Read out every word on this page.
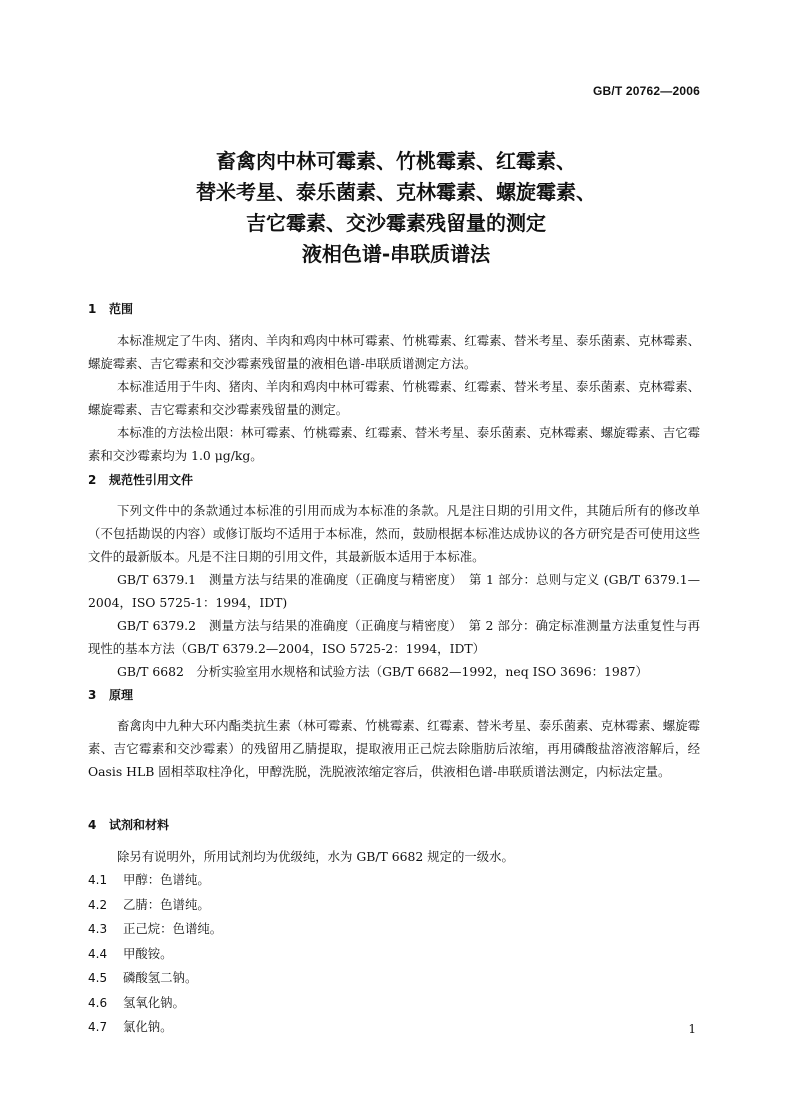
GB/T 20762—2006
畜禽肉中林可霉素、竹桃霉素、红霉素、
替米考星、泰乐菌素、克林霉素、螺旋霉素、
吉它霉素、交沙霉素残留量的测定
液相色谱-串联质谱法
1 范围

本标准规定了牛肉、猪肉、羊肉和鸡肉中林可霉素、竹桃霉素、红霉素、替米考星、泰乐菌素、克林霉素、螺旋霉素、吉它霉素和交沙霉素残留量的液相色谱-串联质谱测定方法。

本标准适用于牛肉、猪肉、羊肉和鸡肉中林可霉素、竹桃霉素、红霉素、替米考星、泰乐菌素、克林霉素、螺旋霉素、吉它霉素和交沙霉素残留量的测定。

本标准的方法检出限：林可霉素、竹桃霉素、红霉素、替米考星、泰乐菌素、克林霉素、螺旋霉素、吉它霉素和交沙霉素均为 1.0 μg/kg。

2 规范性引用文件

下列文件中的条款通过本标准的引用而成为本标准的条款。凡是注日期的引用文件，其随后所有的修改单（不包括勘误的内容）或修订版均不适用于本标准，然而，鼓励根据本标准达成协议的各方研究是否可使用这些文件的最新版本。凡是不注日期的引用文件，其最新版本适用于本标准。

GB/T 6379.1　测量方法与结果的准确度（正确度与精密度）　第 1 部分：总则与定义 (GB/T 6379.1—2004，ISO 5725-1：1994，IDT)

GB/T 6379.2　测量方法与结果的准确度（正确度与精密度）　第 2 部分：确定标准测量方法重复性与再现性的基本方法（GB/T 6379.2—2004，ISO 5725-2：1994，IDT）

GB/T 6682　分析实验室用水规格和试验方法（GB/T 6682—1992，neq ISO 3696：1987）

3 原理

畜禽肉中九种大环内酯类抗生素（林可霉素、竹桃霉素、红霉素、替米考星、泰乐菌素、克林霉素、螺旋霉素、吉它霉素和交沙霉素）的残留用乙腈提取，提取液用正己烷去除脂肪后浓缩，再用磷酸盐溶液溶解后，经 Oasis HLB 固相萃取柱净化，甲醇洗脱，洗脱液浓缩定容后，供液相色谱-串联质谱法测定，内标法定量。

4 试剂和材料

除另有说明外，所用试剂均为优级纯，水为 GB/T 6682 规定的一级水。

4.1 甲醇：色谱纯。
4.2 乙腈：色谱纯。
4.3 正己烷：色谱纯。
4.4 甲酸铵。
4.5 磷酸氢二钠。
4.6 氢氧化钠。
4.7 氯化钠。	1
